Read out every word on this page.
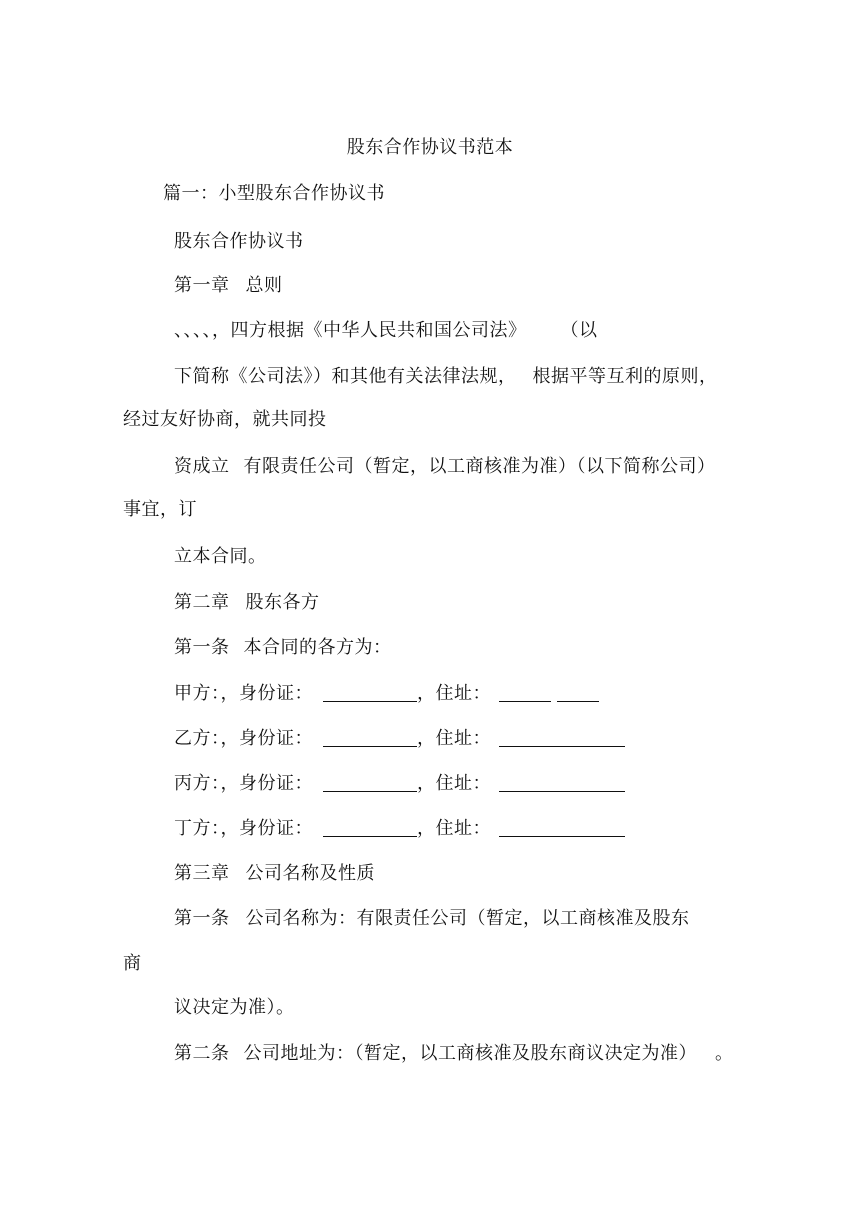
股东合作协议书范本
篇一：小型股东合作协议书
股东合作协议书
第一章 总则
、、、、，四方根据《中华人民共和国公司法》 （以
下简称《公司法》）和其他有关法律法规， 根据平等互利的原则，
经过友好协商，就共同投
资成立 有限责任公司（暂定，以工商核准为准）（以下简称公司）
事宜，订
立本合同。
第二章 股东各方
第一条 本合同的各方为：
甲方：，身份证：	，住址：
乙方：，身份证：	，住址：
丙方：，身份证：	，住址：
丁方：，身份证：	，住址：
第三章 公司名称及性质
第一条 公司名称为：有限责任公司（暂定，以工商核准及股东
商
议决定为准）。
第二条 公司地址为：（暂定，以工商核准及股东商议决定为准） 。
